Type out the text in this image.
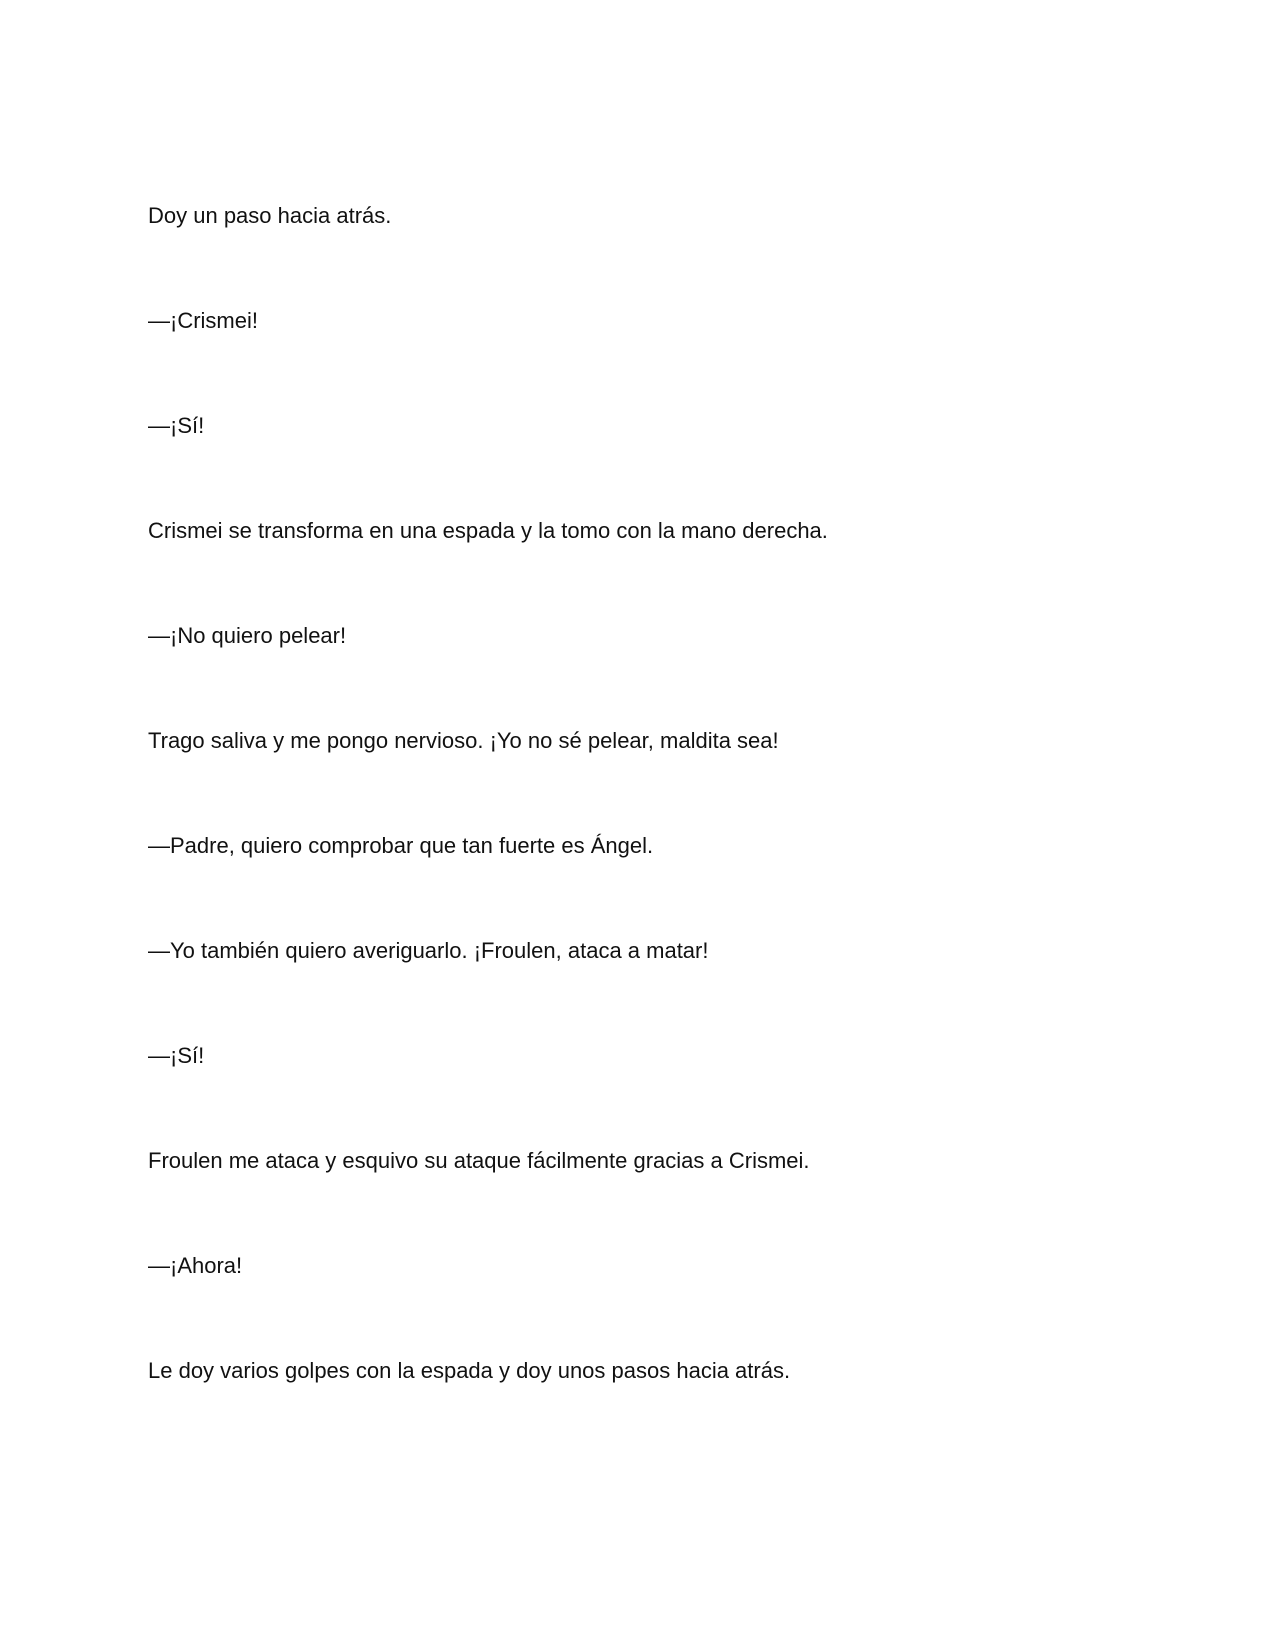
Doy un paso hacia atrás.

—¡Crismei!

—¡Sí!

Crismei se transforma en una espada y la tomo con la mano derecha.

—¡No quiero pelear!

Trago saliva y me pongo nervioso. ¡Yo no sé pelear, maldita sea!

—Padre, quiero comprobar que tan fuerte es Ángel.

—Yo también quiero averiguarlo. ¡Froulen, ataca a matar!

—¡Sí!

Froulen me ataca y esquivo su ataque fácilmente gracias a Crismei.

—¡Ahora!

Le doy varios golpes con la espada y doy unos pasos hacia atrás.
